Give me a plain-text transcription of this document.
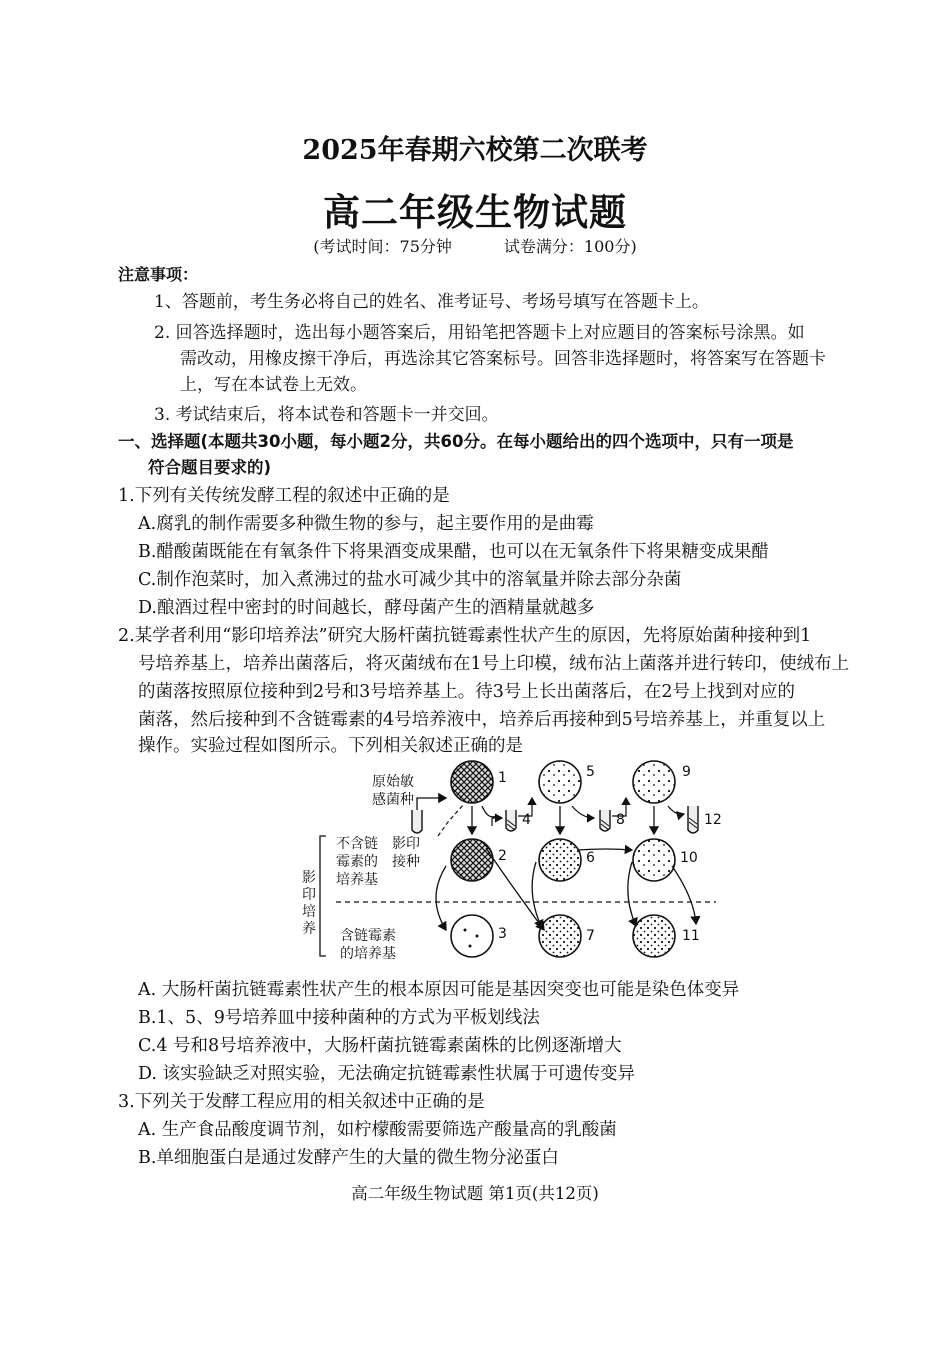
2025年春期六校第二次联考
高二年级生物试题
(考试时间：75分钟	试卷满分：100分)
注意事项：
1、答题前，考生务必将自己的姓名、准考证号、考场号填写在答题卡上。
2. 回答选择题时，选出每小题答案后，用铅笔把答题卡上对应题目的答案标号涂黑。如
需改动，用橡皮擦干净后，再选涂其它答案标号。回答非选择题时，将答案写在答题卡
上，写在本试卷上无效。
3. 考试结束后，将本试卷和答题卡一并交回。
一、选择题(本题共30小题，每小题2分，共60分。在每小题给出的四个选项中，只有一项是
符合题目要求的)
1.下列有关传统发酵工程的叙述中正确的是
A.腐乳的制作需要多种微生物的参与，起主要作用的是曲霉
B.醋酸菌既能在有氧条件下将果酒变成果醋，也可以在无氧条件下将果糖变成果醋
C.制作泡菜时，加入煮沸过的盐水可减少其中的溶氧量并除去部分杂菌
D.酿酒过程中密封的时间越长，酵母菌产生的酒精量就越多
2.某学者利用“影印培养法”研究大肠杆菌抗链霉素性状产生的原因，先将原始菌种接种到1
号培养基上，培养出菌落后，将灭菌绒布在1号上印模，绒布沾上菌落并进行转印，使绒布上
的菌落按照原位接种到2号和3号培养基上。待3号上长出菌落后，在2号上找到对应的
菌落，然后接种到不含链霉素的4号培养液中，培养后再接种到5号培养基上，并重复以上
操作。实验过程如图所示。下列相关叙述正确的是
原始敏
感菌种
不含链
霉素的
培养基
影印
接种
影
印
培
养 含链霉素
的培养基
1
2
3
4
5
6
7
8
9
10
11
12
A. 大肠杆菌抗链霉素性状产生的根本原因可能是基因突变也可能是染色体变异
B.1、5、9号培养皿中接种菌种的方式为平板划线法
C.4 号和8号培养液中，大肠杆菌抗链霉素菌株的比例逐渐增大
D. 该实验缺乏对照实验，无法确定抗链霉素性状属于可遗传变异
3.下列关于发酵工程应用的相关叙述中正确的是
A. 生产食品酸度调节剂，如柠檬酸需要筛选产酸量高的乳酸菌
B.单细胞蛋白是通过发酵产生的大量的微生物分泌蛋白
高二年级生物试题 第1页(共12页)
